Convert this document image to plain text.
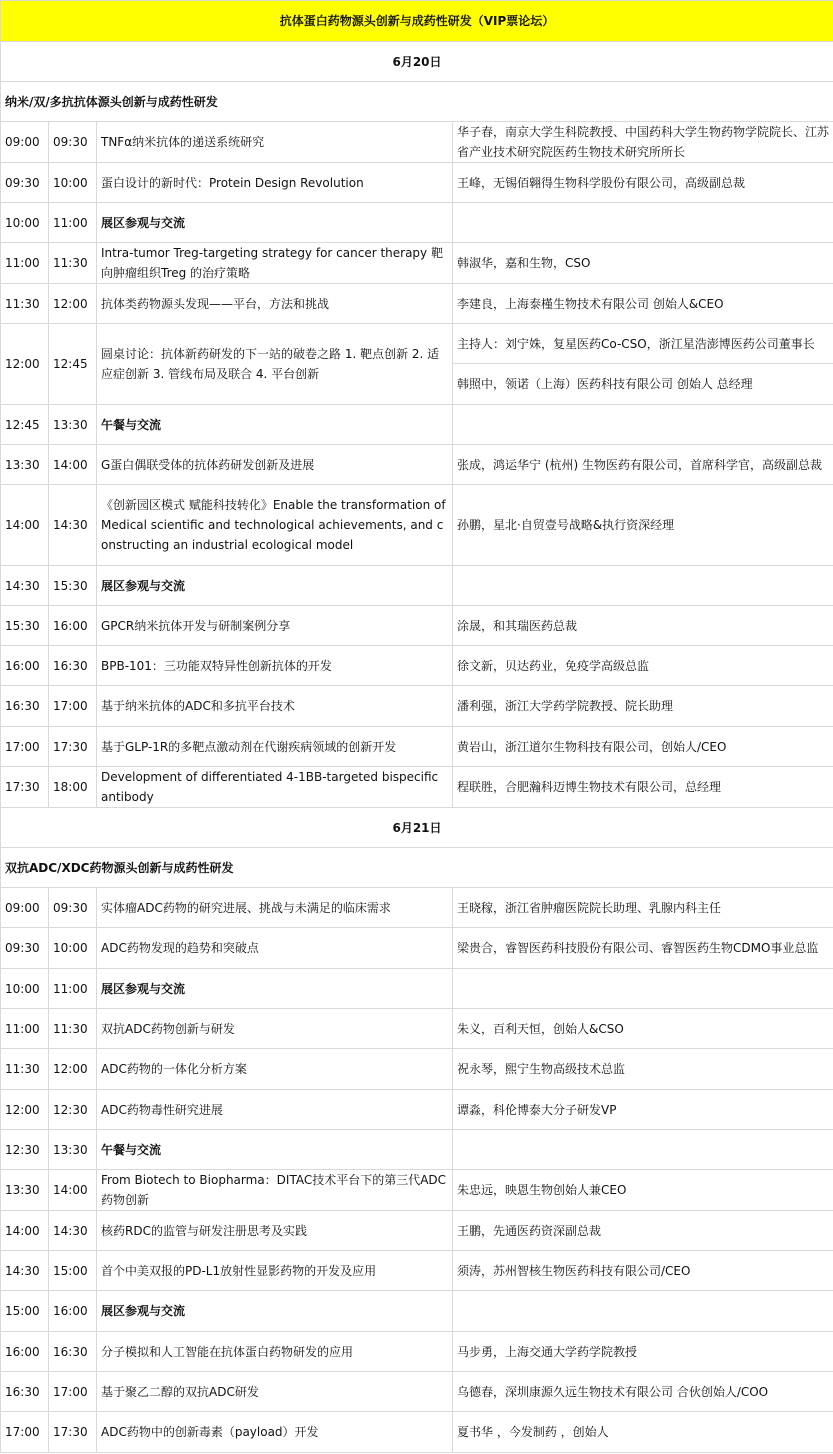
抗体蛋白药物源头创新与成药性研发（VIP票论坛）			
6月20日			
纳米/双/多抗抗体源头创新与成药性研发			
09:00	09:30	TNFα纳米抗体的递送系统研究	华子春，南京大学生科院教授、中国药科大学生物药物学院院长、江苏省产业技术研究院医药生物技术研究所所长
09:30	10:00	蛋白设计的新时代：Protein Design Revolution	王峰，无锡佰翱得生物科学股份有限公司，高级副总裁
10:00	11:00	展区参观与交流	
11:00	11:30	Intra-tumor Treg-targeting strategy for cancer therapy 靶向肿瘤组织Treg 的治疗策略	韩淑华，嘉和生物，CSO
11:30	12:00	抗体类药物源头发现——平台，方法和挑战	李建良，上海泰槿生物技术有限公司 创始人&CEO
12:00	12:45	圆桌讨论：抗体新药研发的下一站的破卷之路 1. 靶点创新 2. 适应症创新 3. 管线布局及联合 4. 平台创新	主持人：刘宁姝，复星医药Co-CSO，浙江星浩澎博医药公司董事长
			韩照中，领诺（上海）医药科技有限公司 创始人 总经理
12:45	13:30	午餐与交流	
13:30	14:00	G蛋白偶联受体的抗体药研发创新及进展	张成，鸿运华宁 (杭州) 生物医药有限公司，首席科学官，高级副总裁
14:00	14:30	《创新园区模式 赋能科技转化》Enable the transformation of Medical scientific and technological achievements, and constructing an industrial ecological model	孙鹏，星北·自贸壹号战略&执行资深经理
14:30	15:30	展区参观与交流	
15:30	16:00	GPCR纳米抗体开发与研制案例分享	涂晟，和其瑞医药总裁
16:00	16:30	BPB-101：三功能双特异性创新抗体的开发	徐文新，贝达药业，免疫学高级总监
16:30	17:00	基于纳米抗体的ADC和多抗平台技术	潘利强，浙江大学药学院教授、院长助理
17:00	17:30	基于GLP-1R的多靶点激动剂在代谢疾病领域的创新开发	黄岩山，浙江道尔生物科技有限公司，创始人/CEO
17:30	18:00	Development of differentiated 4-1BB-targeted bispecific antibody	程联胜，合肥瀚科迈博生物技术有限公司，总经理
6月21日			
双抗ADC/XDC药物源头创新与成药性研发			
09:00	09:30	实体瘤ADC药物的研究进展、挑战与未满足的临床需求	王晓稼，浙江省肿瘤医院院长助理、乳腺内科主任
09:30	10:00	ADC药物发现的趋势和突破点	梁贵合，睿智医药科技股份有限公司、睿智医药生物CDMO事业总监
10:00	11:00	展区参观与交流	
11:00	11:30	双抗ADC药物创新与研发	朱义，百利天恒，创始人&CSO
11:30	12:00	ADC药物的一体化分析方案	祝永琴，熙宁生物高级技术总监
12:00	12:30	ADC药物毒性研究进展	谭淼，科伦博泰大分子研发VP
12:30	13:30	午餐与交流	
13:30	14:00	From Biotech to Biopharma：DITAC技术平台下的第三代ADC药物创新	朱忠远，映恩生物创始人兼CEO
14:00	14:30	核药RDC的监管与研发注册思考及实践	王鹏，先通医药资深副总裁
14:30	15:00	首个中美双报的PD-L1放射性显影药物的开发及应用	须涛，苏州智核生物医药科技有限公司/CEO
15:00	16:00	展区参观与交流	
16:00	16:30	分子模拟和人工智能在抗体蛋白药物研发的应用	马步勇，上海交通大学药学院教授
16:30	17:00	基于聚乙二醇的双抗ADC研发	乌德春，深圳康源久远生物技术有限公司 合伙创始人/COO
17:00	17:30	ADC药物中的创新毒素（payload）开发	夏书华 ，今发制药 ，创始人
